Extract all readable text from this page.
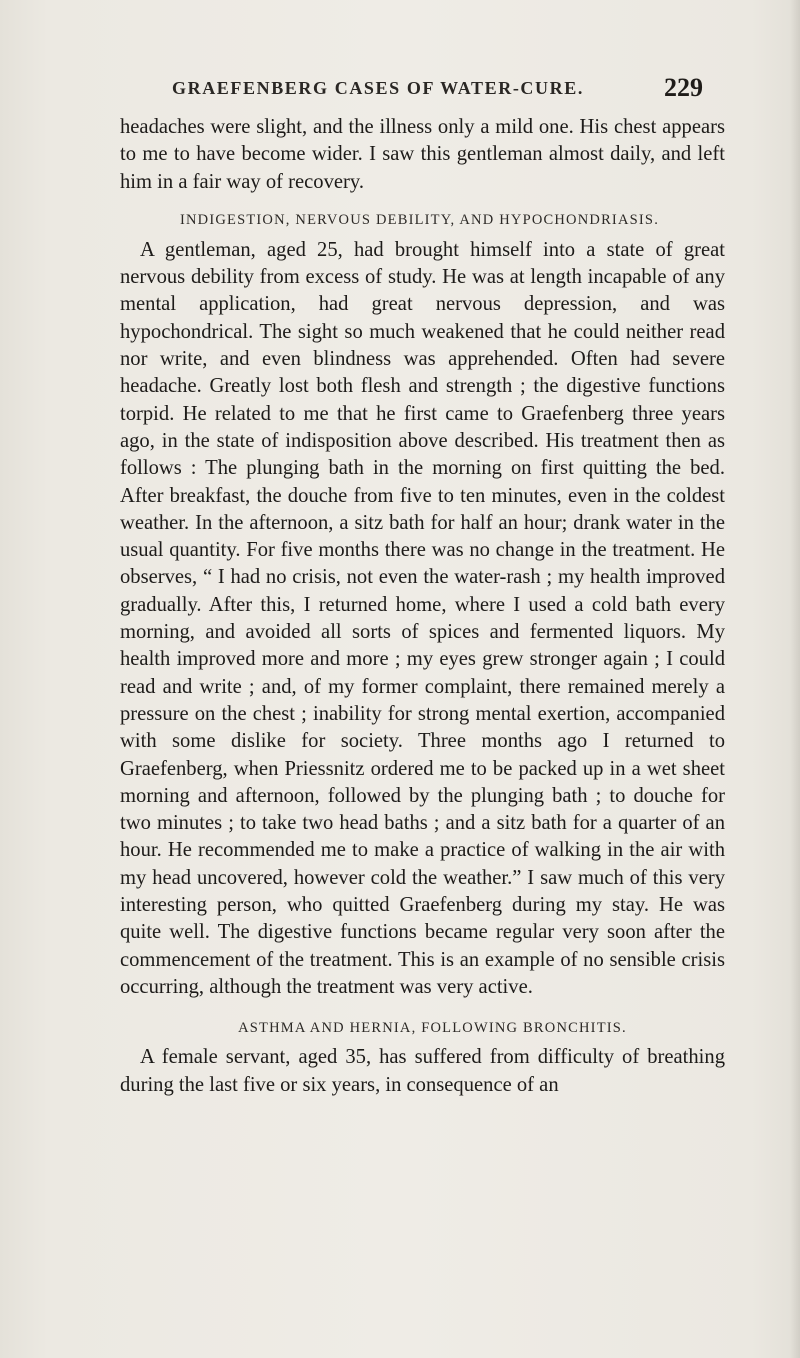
GRAEFENBERG CASES OF WATER-CURE.	229

headaches were slight, and the illness only a mild one. His chest appears to me to have become wider. I saw this gentleman almost daily, and left him in a fair way of recovery.

INDIGESTION, NERVOUS DEBILITY, AND HYPOCHONDRIASIS.

A gentleman, aged 25, had brought himself into a state of great nervous debility from excess of study. He was at length incapable of any mental application, had great nervous depression, and was hypochondrical. The sight so much weakened that he could neither read nor write, and even blindness was apprehended. Often had severe headache. Greatly lost both flesh and strength ; the digestive functions torpid. He related to me that he first came to Graefenberg three years ago, in the state of indisposition above described. His treatment then as follows : The plunging bath in the morning on first quitting the bed. After breakfast, the douche from five to ten minutes, even in the coldest weather. In the afternoon, a sitz bath for half an hour; drank water in the usual quantity. For five months there was no change in the treatment. He observes, “ I had no crisis, not even the water-rash ; my health improved gradually. After this, I returned home, where I used a cold bath every morning, and avoided all sorts of spices and fermented liquors. My health improved more and more ; my eyes grew stronger again ; I could read and write ; and, of my former complaint, there remained merely a pressure on the chest ; inability for strong mental exertion, accompanied with some dislike for society. Three months ago I returned to Graefenberg, when Priessnitz ordered me to be packed up in a wet sheet morning and afternoon, followed by the plunging bath ; to douche for two minutes ; to take two head baths ; and a sitz bath for a quarter of an hour. He recommended me to make a practice of walking in the air with my head uncovered, however cold the weather.” I saw much of this very interesting person, who quitted Graefenberg during my stay. He was quite well. The digestive functions became regular very soon after the commencement of the treatment. This is an example of no sensible crisis occurring, although the treatment was very active.

ASTHMA AND HERNIA, FOLLOWING BRONCHITIS.

A female servant, aged 35, has suffered from difficulty of breathing during the last five or six years, in consequence of an
